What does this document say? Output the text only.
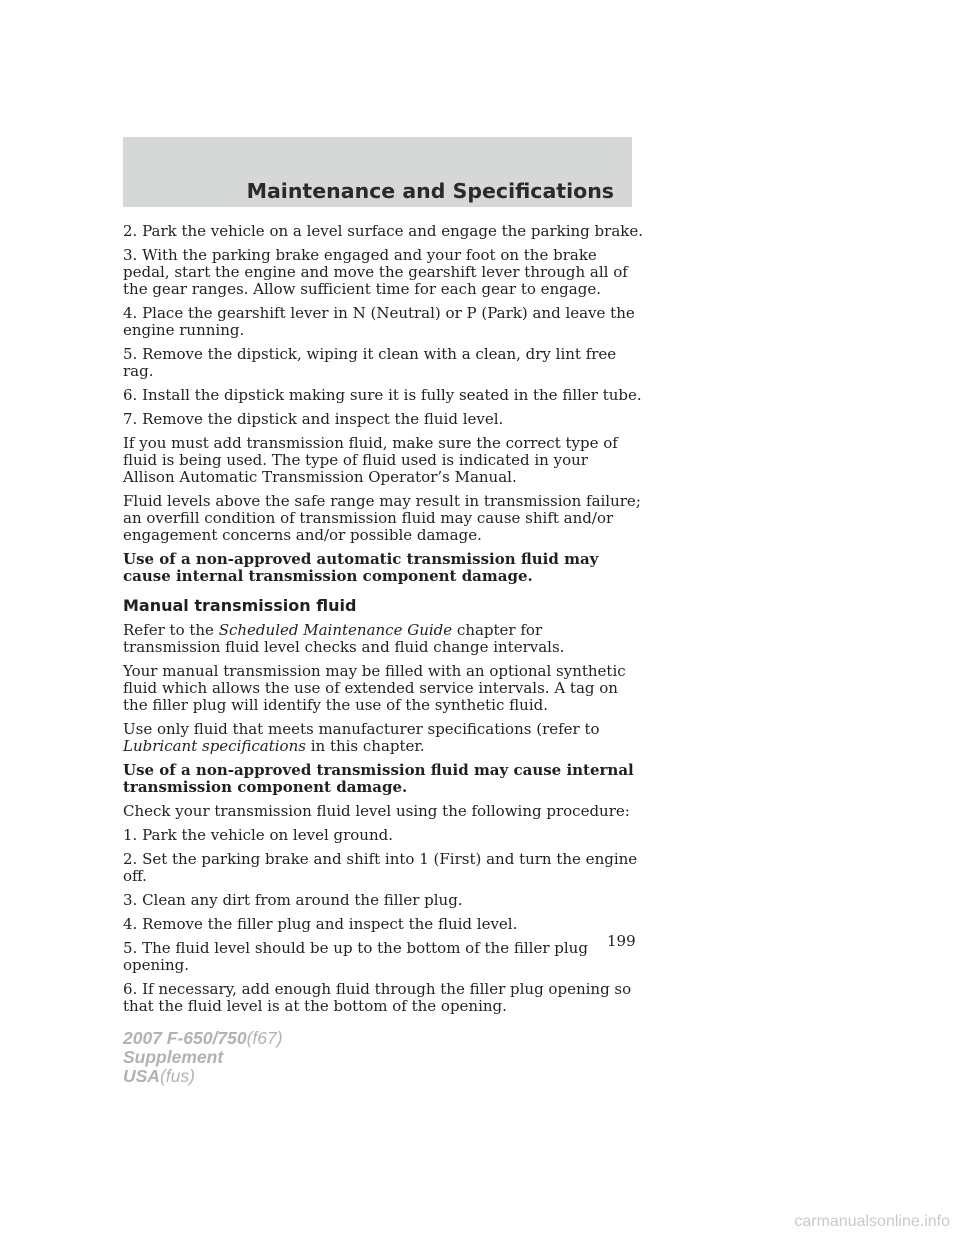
Maintenance and Specifications

2. Park the vehicle on a level surface and engage the parking brake.

3. With the parking brake engaged and your foot on the brake pedal, start the engine and move the gearshift lever through all of the gear ranges. Allow sufficient time for each gear to engage.

4. Place the gearshift lever in N (Neutral) or P (Park) and leave the engine running.

5. Remove the dipstick, wiping it clean with a clean, dry lint free rag.

6. Install the dipstick making sure it is fully seated in the filler tube.

7. Remove the dipstick and inspect the fluid level.

If you must add transmission fluid, make sure the correct type of fluid is being used. The type of fluid used is indicated in your Allison Automatic Transmission Operator’s Manual.

Fluid levels above the safe range may result in transmission failure; an overfill condition of transmission fluid may cause shift and/or engagement concerns and/or possible damage.

Use of a non-approved automatic transmission fluid may cause internal transmission component damage.

Manual transmission fluid

Refer to the Scheduled Maintenance Guide chapter for transmission fluid level checks and fluid change intervals.

Your manual transmission may be filled with an optional synthetic fluid which allows the use of extended service intervals. A tag on the filler plug will identify the use of the synthetic fluid.

Use only fluid that meets manufacturer specifications (refer to Lubricant specifications in this chapter.

Use of a non-approved transmission fluid may cause internal transmission component damage.

Check your transmission fluid level using the following procedure:

1. Park the vehicle on level ground.

2. Set the parking brake and shift into 1 (First) and turn the engine off.

3. Clean any dirt from around the filler plug.

4. Remove the filler plug and inspect the fluid level.

5. The fluid level should be up to the bottom of the filler plug opening.

6. If necessary, add enough fluid through the filler plug opening so that the fluid level is at the bottom of the opening.

199
2007 F-650/750(f67)
Supplement
USA(fus)
carmanualsonline.info
